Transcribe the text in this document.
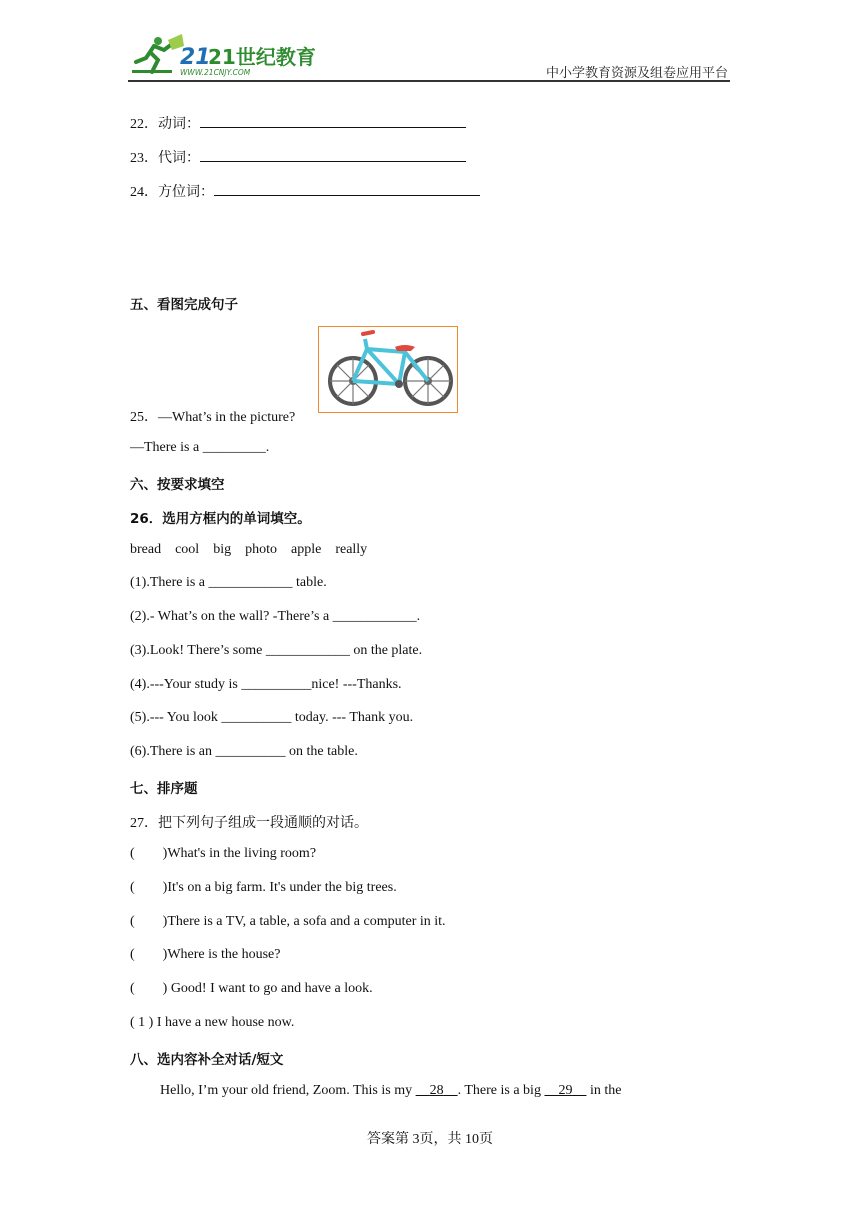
21
21世纪教育
WWW.21CNJY.COM	中小学教育资源及组卷应用平台
22．动词：
23．代词：
24．方位词：
五、看图完成句子
25．—What’s in the picture?
—There is a _________.
六、按要求填空
26．选用方框内的单词填空。
bread cool big photo apple really
(1).There is a ____________ table.
(2).- What’s on the wall? -There’s a ____________.
(3).Look! There’s some ____________ on the plate.
(4).---Your study is __________nice! ---Thanks.
(5).--- You look __________ today. --- Thank you.
(6).There is an __________ on the table.
七、排序题
27．把下列句子组成一段通顺的对话。
(        )What's in the living room?
(        )It's on a big farm. It's under the big trees.
(        )There is a TV, a table, a sofa and a computer in it.
(        )Where is the house?
(        ) Good! I want to go and have a look.
( 1 ) I have a new house now.
八、选内容补全对话/短文
Hello, I’m your old friend, Zoom. This is my     28 . There is a big     29     in the
答案第 3页，共 10页
